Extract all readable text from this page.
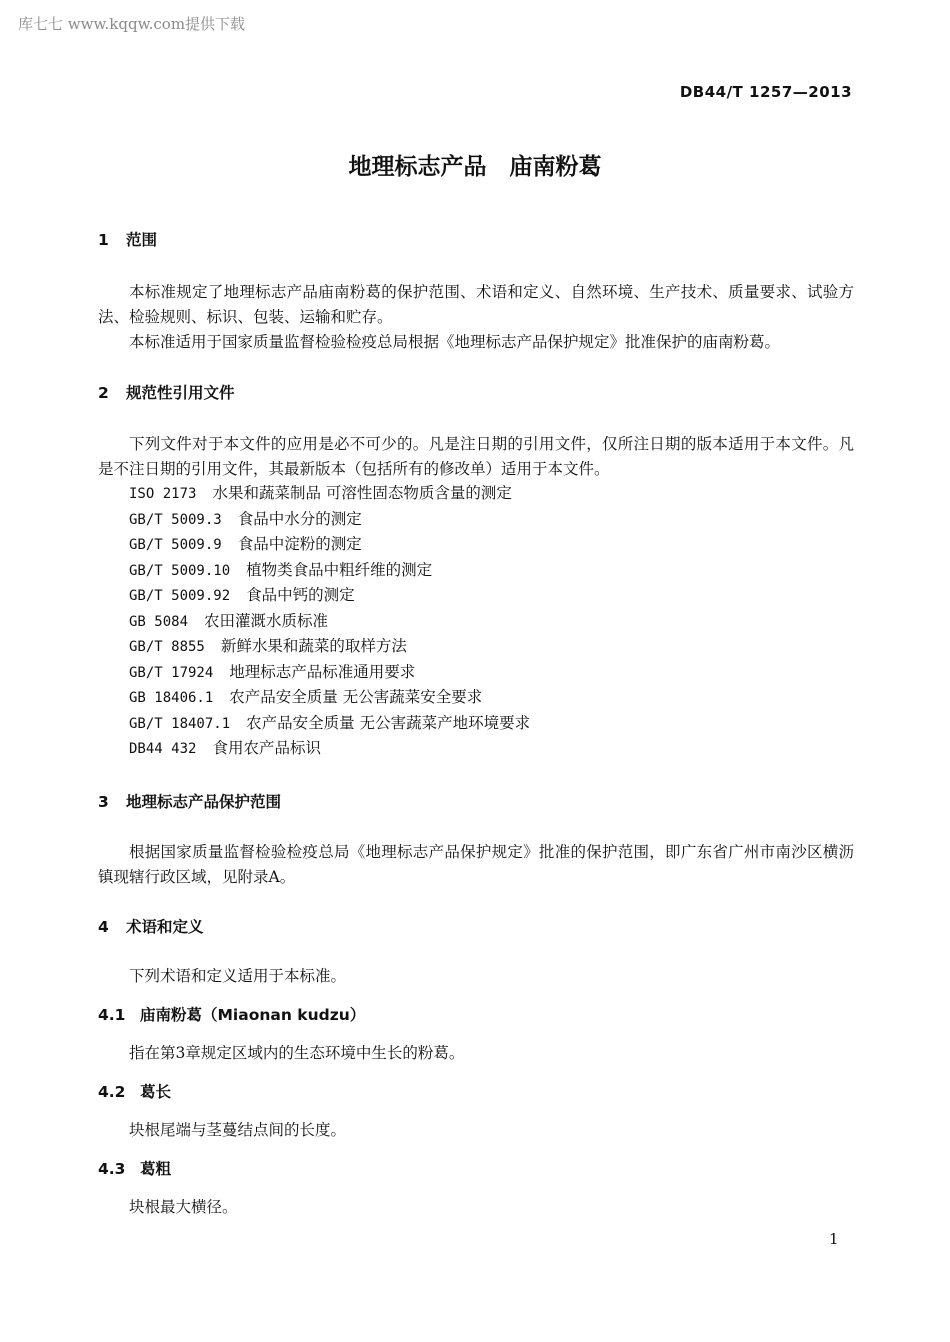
库七七 www.kqqw.com提供下载
DB44/T 1257—2013
地理标志产品　庙南粉葛
1 范围
本标准规定了地理标志产品庙南粉葛的保护范围、术语和定义、自然环境、生产技术、质量要求、试验方法、检验规则、标识、包装、运输和贮存。
本标准适用于国家质量监督检验检疫总局根据《地理标志产品保护规定》批准保护的庙南粉葛。
2 规范性引用文件
下列文件对于本文件的应用是必不可少的。凡是注日期的引用文件，仅所注日期的版本适用于本文件。凡是不注日期的引用文件，其最新版本（包括所有的修改单）适用于本文件。
ISO 2173 水果和蔬菜制品 可溶性固态物质含量的测定
GB/T 5009.3 食品中水分的测定
GB/T 5009.9 食品中淀粉的测定
GB/T 5009.10 植物类食品中粗纤维的测定
GB/T 5009.92 食品中钙的测定
GB 5084 农田灌溉水质标准
GB/T 8855 新鲜水果和蔬菜的取样方法
GB/T 17924 地理标志产品标准通用要求
GB 18406.1 农产品安全质量 无公害蔬菜安全要求
GB/T 18407.1 农产品安全质量 无公害蔬菜产地环境要求
DB44 432 食用农产品标识
3 地理标志产品保护范围
根据国家质量监督检验检疫总局《地理标志产品保护规定》批准的保护范围，即广东省广州市南沙区横沥镇现辖行政区域，见附录A。
4 术语和定义
下列术语和定义适用于本标准。
4.1 庙南粉葛（Miaonan kudzu）
指在第3章规定区域内的生态环境中生长的粉葛。
4.2 葛长
块根尾端与茎蔓结点间的长度。
4.3 葛粗
块根最大横径。
1
